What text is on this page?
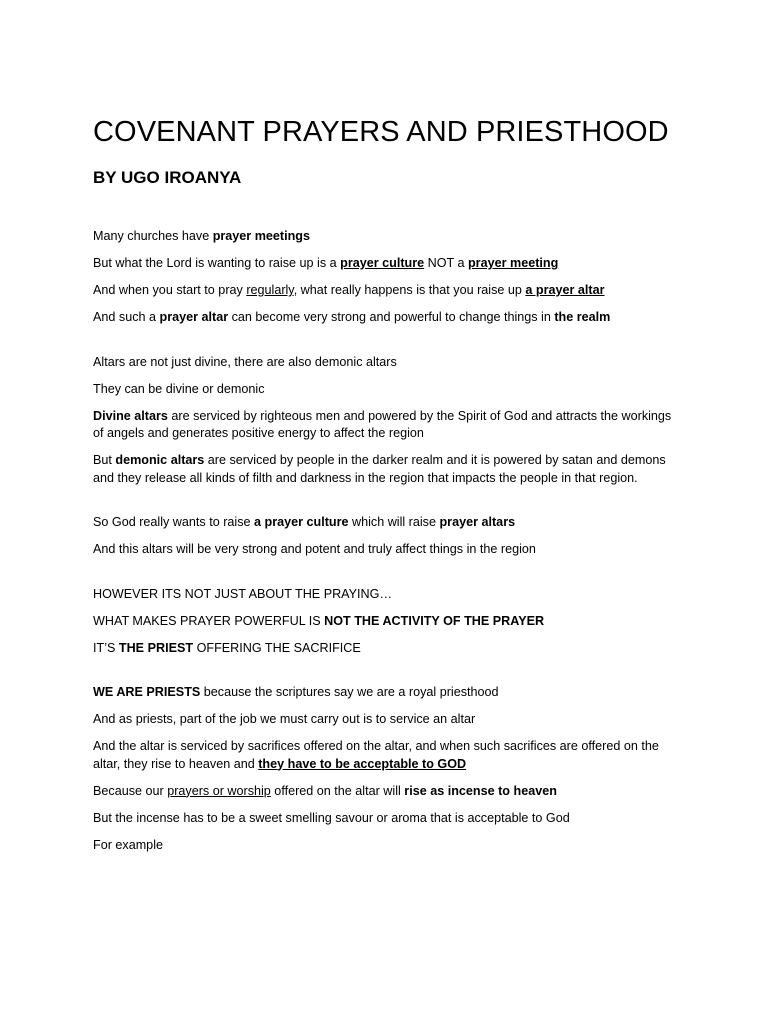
COVENANT PRAYERS AND PRIESTHOOD
BY UGO IROANYA

Many churches have prayer meetings

But what the Lord is wanting to raise up is a prayer culture NOT a prayer meeting

And when you start to pray regularly, what really happens is that you raise up a prayer altar

And such a prayer altar can become very strong and powerful to change things in the realm

Altars are not just divine, there are also demonic altars

They can be divine or demonic

Divine altars are serviced by righteous men and powered by the Spirit of God and attracts the workings of angels and generates positive energy to affect the region

But demonic altars are serviced by people in the darker realm and it is powered by satan and demons and they release all kinds of filth and darkness in the region that impacts the people in that region.

So God really wants to raise a prayer culture which will raise prayer altars

And this altars will be very strong and potent and truly affect things in the region

HOWEVER ITS NOT JUST ABOUT THE PRAYING…

WHAT MAKES PRAYER POWERFUL IS NOT THE ACTIVITY OF THE PRAYER

IT’S THE PRIEST OFFERING THE SACRIFICE

WE ARE PRIESTS because the scriptures say we are a royal priesthood

And as priests, part of the job we must carry out is to service an altar

And the altar is serviced by sacrifices offered on the altar, and when such sacrifices are offered on the altar, they rise to heaven and they have to be acceptable to GOD

Because our prayers or worship offered on the altar will rise as incense to heaven

But the incense has to be a sweet smelling savour or aroma that is acceptable to God

For example
